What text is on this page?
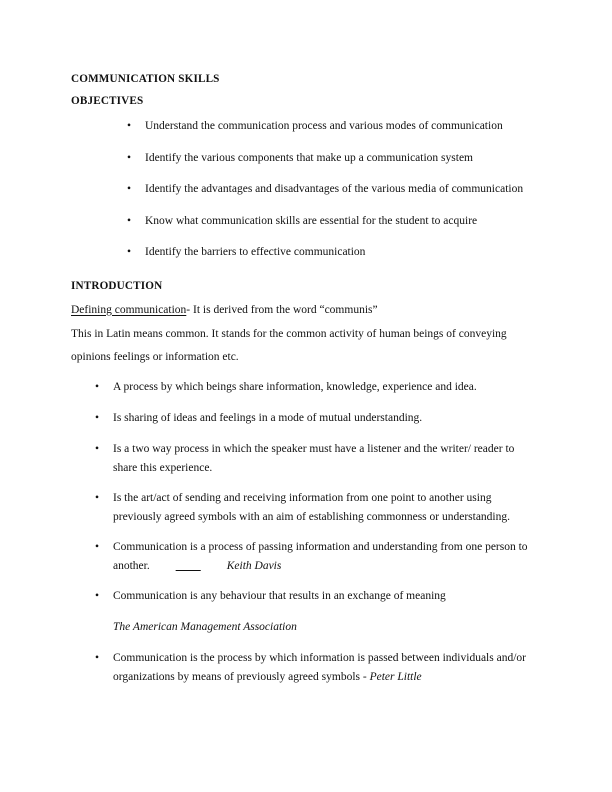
COMMUNICATION SKILLS

OBJECTIVES

•	Understand the communication process and various modes of communication
•	Identify the various components that make up a communication system
•	Identify the advantages and disadvantages of the various media of communication
•	Know what communication skills are essential for the student to acquire
•	Identify the barriers to effective communication

INTRODUCTION

Defining communication- It is derived from the word “communis”

This in Latin means common. It stands for the common activity of human beings of conveying opinions feelings or information etc.

•	A process by which beings share information, knowledge, experience and idea.
•	Is sharing of ideas and feelings in a mode of mutual understanding.
•	Is a two way process in which the speaker must have a listener and the writer/ reader to share this experience.
•	Is the art/act of sending and receiving information from one point to another using previously agreed symbols with an aim of establishing commonness or understanding.
•	Communication is a process of passing information and understanding from one person to another. ____ Keith Davis
•	Communication is any behaviour that results in an exchange of meaning

The American Management Association

•	Communication is the process by which information is passed between individuals and/or organizations by means of previously agreed symbols - Peter Little
